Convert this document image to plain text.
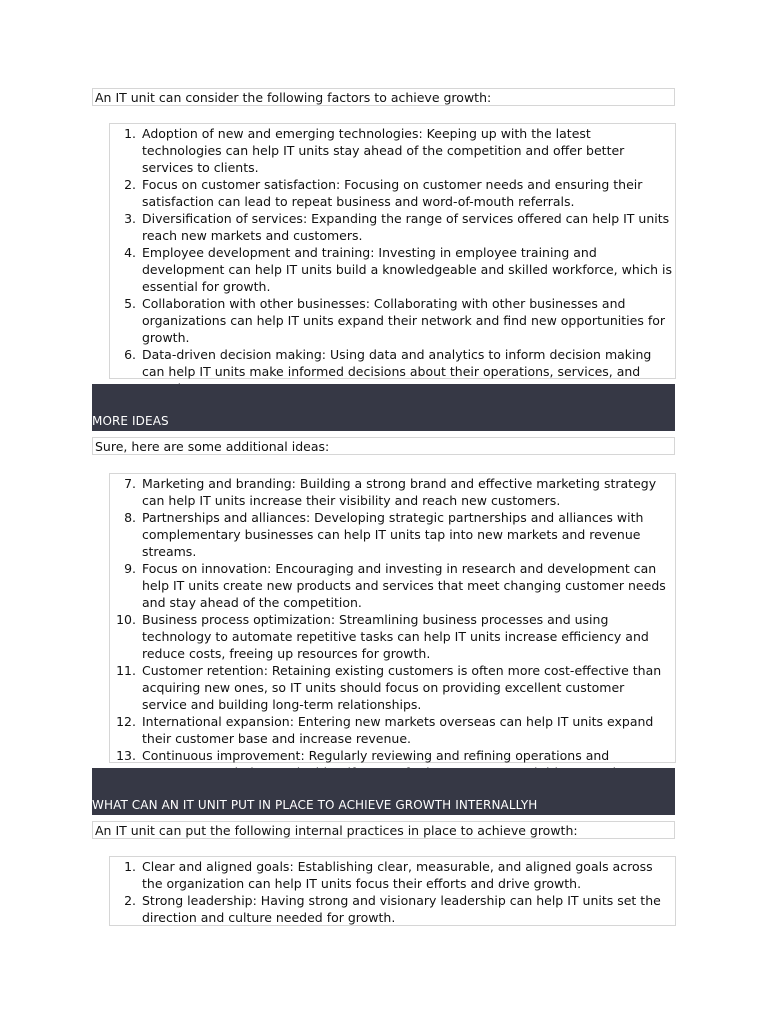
An IT unit can consider the following factors to achieve growth:
1. Adoption of new and emerging technologies: Keeping up with the latest technologies can help IT units stay ahead of the competition and offer better services to clients.
2. Focus on customer satisfaction: Focusing on customer needs and ensuring their satisfaction can lead to repeat business and word-of-mouth referrals.
3. Diversification of services: Expanding the range of services offered can help IT units reach new markets and customers.
4. Employee development and training: Investing in employee training and development can help IT units build a knowledgeable and skilled workforce, which is essential for growth.
5. Collaboration with other businesses: Collaborating with other businesses and organizations can help IT units expand their network and find new opportunities for growth.
6. Data-driven decision making: Using data and analytics to inform decision making can help IT units make informed decisions about their operations, services, and
MORE IDEAS
Sure, here are some additional ideas:
7. Marketing and branding: Building a strong brand and effective marketing strategy can help IT units increase their visibility and reach new customers.
8. Partnerships and alliances: Developing strategic partnerships and alliances with complementary businesses can help IT units tap into new markets and revenue streams.
9. Focus on innovation: Encouraging and investing in research and development can help IT units create new products and services that meet changing customer needs and stay ahead of the competition.
10. Business process optimization: Streamlining business processes and using technology to automate repetitive tasks can help IT units increase efficiency and reduce costs, freeing up resources for growth.
11. Customer retention: Retaining existing customers is often more cost-effective than acquiring new ones, so IT units should focus on providing excellent customer service and building long-term relationships.
12. International expansion: Entering new markets overseas can help IT units expand their customer base and increase revenue.
13. Continuous improvement: Regularly reviewing and refining operations and
WHAT CAN AN IT UNIT PUT IN PLACE TO ACHIEVE GROWTH INTERNALLYH
An IT unit can put the following internal practices in place to achieve growth:
1. Clear and aligned goals: Establishing clear, measurable, and aligned goals across the organization can help IT units focus their efforts and drive growth.
2. Strong leadership: Having strong and visionary leadership can help IT units set the direction and culture needed for growth.
